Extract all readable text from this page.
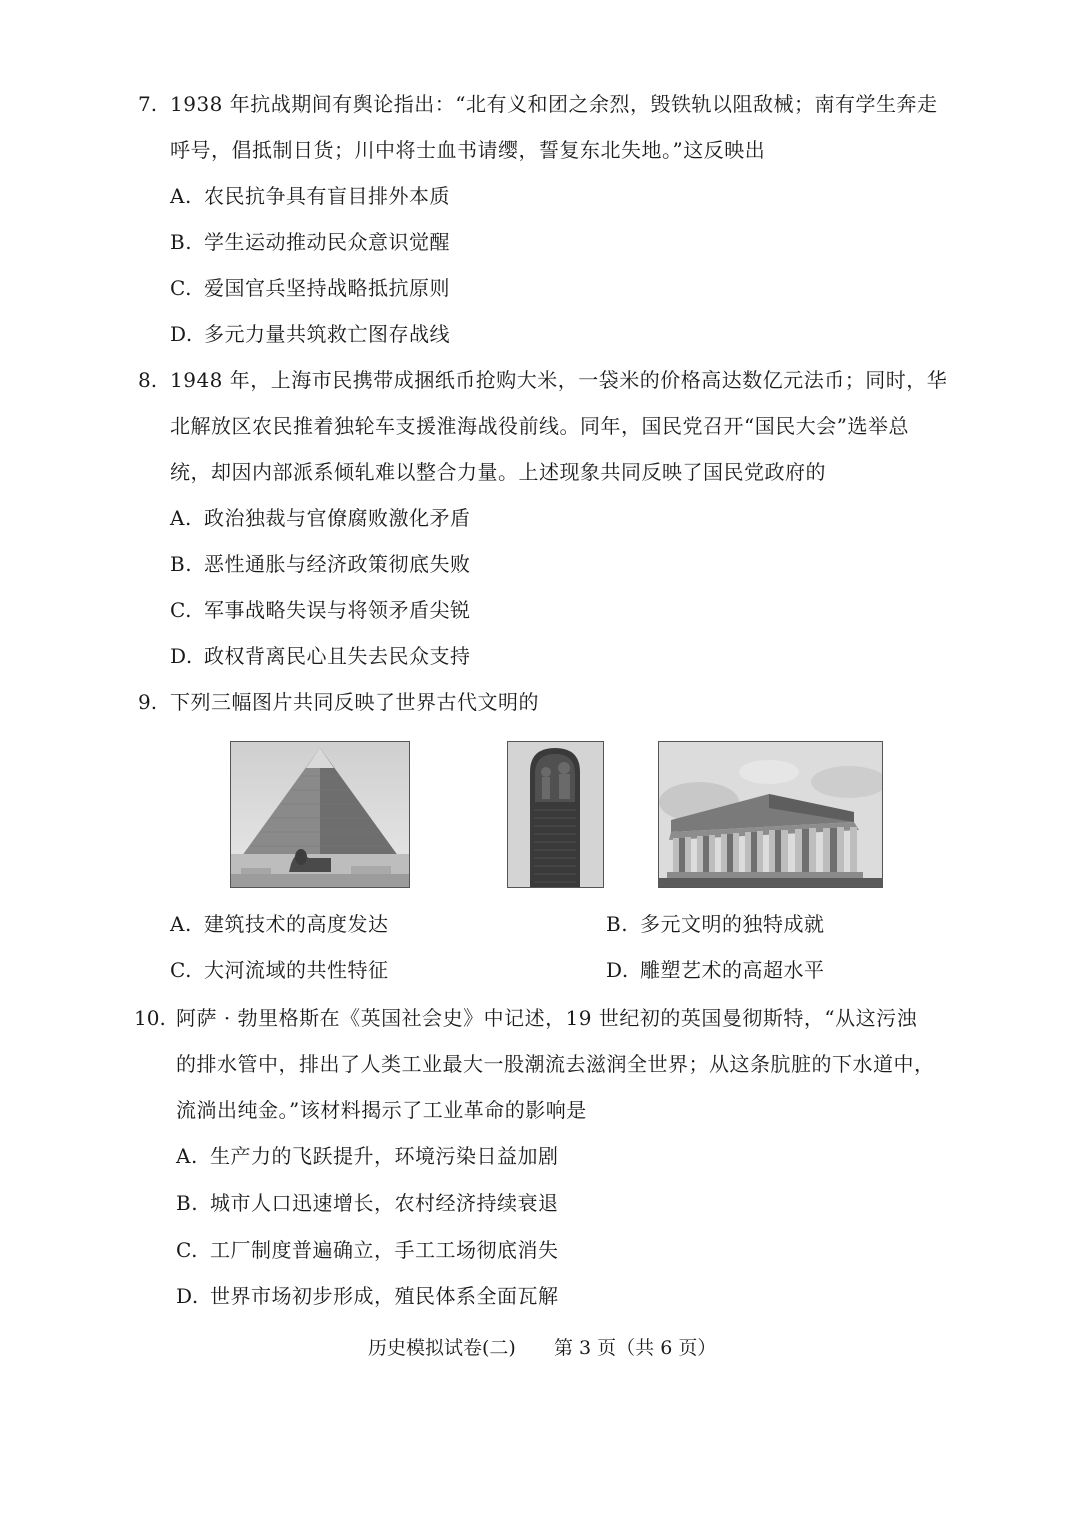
7. 1938 年抗战期间有舆论指出：“北有义和团之余烈，毁铁轨以阻敌械；南有学生奔走
呼号，倡抵制日货；川中将士血书请缨，誓复东北失地。”这反映出
A. 农民抗争具有盲目排外本质
B. 学生运动推动民众意识觉醒
C. 爱国官兵坚持战略抵抗原则
D. 多元力量共筑救亡图存战线
8. 1948 年，上海市民携带成捆纸币抢购大米，一袋米的价格高达数亿元法币；同时，华
北解放区农民推着独轮车支援淮海战役前线。同年，国民党召开“国民大会”选举总
统，却因内部派系倾轧难以整合力量。上述现象共同反映了国民党政府的
A. 政治独裁与官僚腐败激化矛盾
B. 恶性通胀与经济政策彻底失败
C. 军事战略失误与将领矛盾尖锐
D. 政权背离民心且失去民众支持
9. 下列三幅图片共同反映了世界古代文明的
A. 建筑技术的高度发达	B. 多元文明的独特成就
C. 大河流域的共性特征	D. 雕塑艺术的高超水平
10. 阿萨 · 勃里格斯在《英国社会史》中记述，19 世纪初的英国曼彻斯特，“从这污浊
的排水管中，排出了人类工业最大一股潮流去滋润全世界；从这条肮脏的下水道中，
流淌出纯金。”该材料揭示了工业革命的影响是
A. 生产力的飞跃提升，环境污染日益加剧
B. 城市人口迅速增长，农村经济持续衰退
C. 工厂制度普遍确立，手工工场彻底消失
D. 世界市场初步形成，殖民体系全面瓦解
历史模拟试卷(二) 第 3 页（共 6 页）
